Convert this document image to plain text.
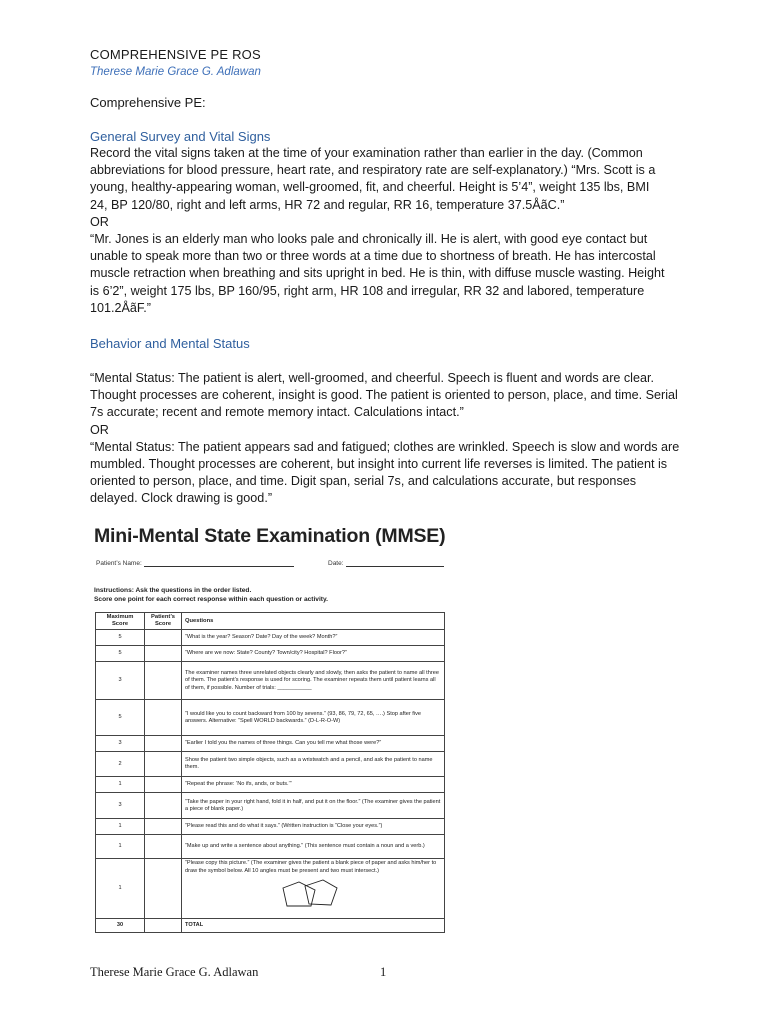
COMPREHENSIVE PE ROS
Therese Marie Grace G. Adlawan
Comprehensive PE:
General Survey and Vital Signs
Record the vital signs taken at the time of your examination rather than earlier in the day. (Common
abbreviations for blood pressure, heart rate, and respiratory rate are self-explanatory.) “Mrs. Scott is a
young, healthy-appearing woman, well-groomed, fit, and cheerful. Height is 5’4”, weight 135 lbs, BMI
24, BP 120/80, right and left arms, HR 72 and regular, RR 16, temperature 37.5ÅãC.”
OR
“Mr. Jones is an elderly man who looks pale and chronically ill. He is alert, with good eye contact but
unable to speak more than two or three words at a time due to shortness of breath. He has intercostal
muscle retraction when breathing and sits upright in bed. He is thin, with diffuse muscle wasting. Height
is 6’2”, weight 175 lbs, BP 160/95, right arm, HR 108 and irregular, RR 32 and labored, temperature
101.2ÅãF.”
Behavior and Mental Status
“Mental Status: The patient is alert, well-groomed, and cheerful. Speech is fluent and words are clear.
Thought processes are coherent, insight is good. The patient is oriented to person, place, and time. Serial
7s accurate; recent and remote memory intact. Calculations intact.”
OR
“Mental Status: The patient appears sad and fatigued; clothes are wrinkled. Speech is slow and words are
mumbled. Thought processes are coherent, but insight into current life reverses is limited. The patient is
oriented to person, place, and time. Digit span, serial 7s, and calculations accurate, but responses
delayed. Clock drawing is good.”
Mini-Mental State Examination (MMSE)
Patient’s Name:	Date:
Instructions: Ask the questions in the order listed.
Score one point for each correct response within each question or activity.
Maximum Score	Patient’s Score	Questions
5		“What is the year? Season? Date? Day of the week? Month?”
5		“Where are we now: State? County? Town/city? Hospital? Floor?”
3		The examiner names three unrelated objects clearly and slowly, then asks the patient to name all three of them. The patient’s response is used for scoring. The examiner repeats them until patient learns all of them, if possible. Number of trials: ___________
5		“I would like you to count backward from 100 by sevens.” (93, 86, 79, 72, 65, ….) Stop after five answers. Alternative: “Spell WORLD backwards.” (D-L-R-O-W)
3		“Earlier I told you the names of three things. Can you tell me what those were?”
2		Show the patient two simple objects, such as a wristwatch and a pencil, and ask the patient to name them.
1		“Repeat the phrase: ‘No ifs, ands, or buts.’”
3		“Take the paper in your right hand, fold it in half, and put it on the floor.” (The examiner gives the patient a piece of blank paper.)
1		“Please read this and do what it says.” (Written instruction is “Close your eyes.”)
1		“Make up and write a sentence about anything.” (This sentence must contain a noun and a verb.)
1		“Please copy this picture.” (The examiner gives the patient a blank piece of paper and asks him/her to draw the symbol below. All 10 angles must be present and two must intersect.)

30		TOTAL
Therese Marie Grace G. Adlawan	1
